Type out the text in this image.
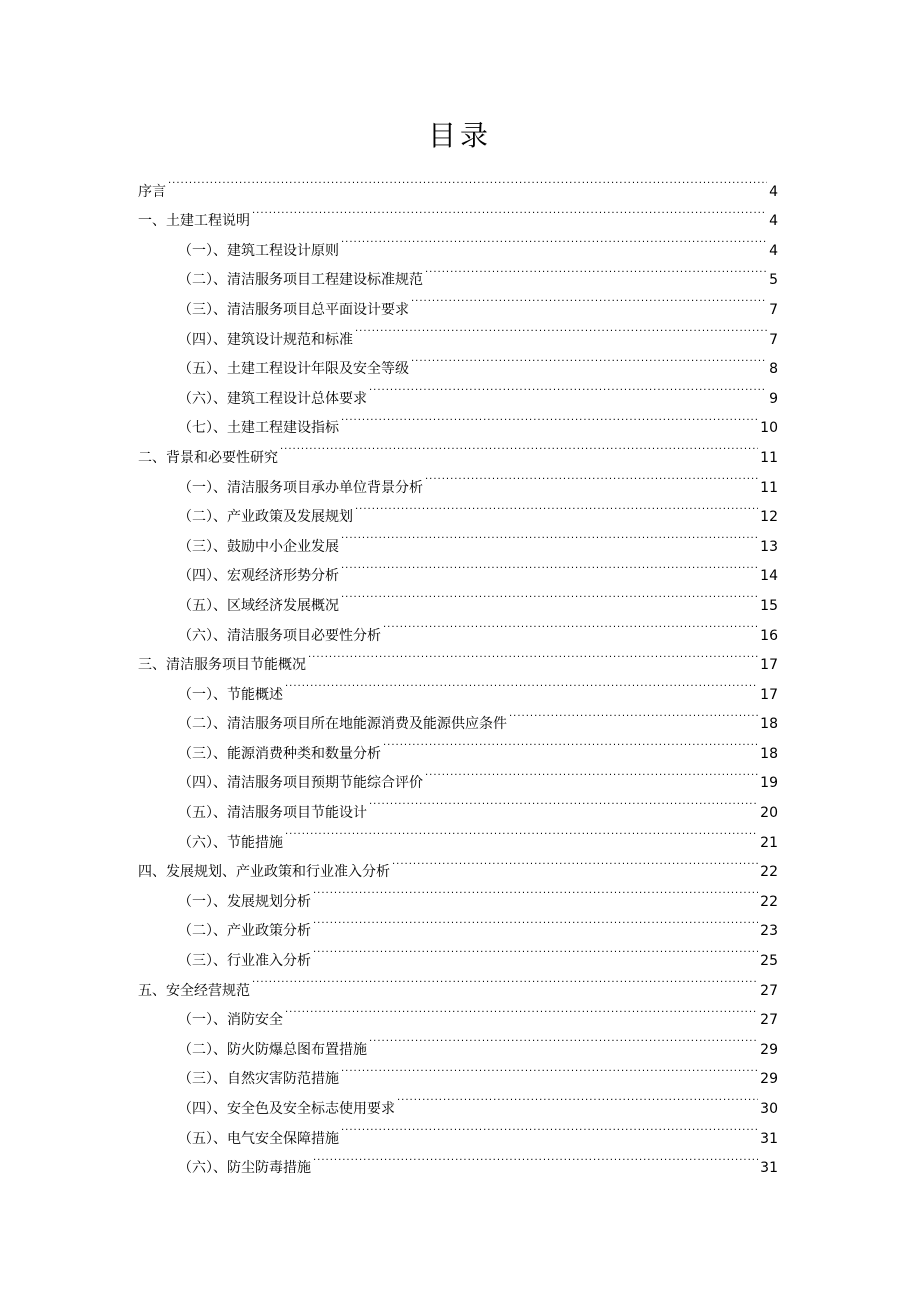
目录
序言 .....	4
一、土建工程说明 .....	4
（一）、建筑工程设计原则 .....	4
（二）、清洁服务项目工程建设标准规范 .....	5
（三）、清洁服务项目总平面设计要求 .....	7
（四）、建筑设计规范和标准 .....	7
（五）、土建工程设计年限及安全等级 .....	8
（六）、建筑工程设计总体要求 .....	9
（七）、土建工程建设指标 .....	10
二、背景和必要性研究 .....	11
（一）、清洁服务项目承办单位背景分析 .....	11
（二）、产业政策及发展规划 .....	12
（三）、鼓励中小企业发展 .....	13
（四）、宏观经济形势分析 .....	14
（五）、区域经济发展概况 .....	15
（六）、清洁服务项目必要性分析 .....	16
三、清洁服务项目节能概况 .....	17
（一）、节能概述 .....	17
（二）、清洁服务项目所在地能源消费及能源供应条件 .....	18
（三）、能源消费种类和数量分析 .....	18
（四）、清洁服务项目预期节能综合评价 .....	19
（五）、清洁服务项目节能设计 .....	20
（六）、节能措施 .....	21
四、发展规划、产业政策和行业准入分析 .....	22
（一）、发展规划分析 .....	22
（二）、产业政策分析 .....	23
（三）、行业准入分析 .....	25
五、安全经营规范 .....	27
（一）、消防安全 .....	27
（二）、防火防爆总图布置措施 .....	29
（三）、自然灾害防范措施 .....	29
（四）、安全色及安全标志使用要求 .....	30
（五）、电气安全保障措施 .....	31
（六）、防尘防毒措施 .....	31
